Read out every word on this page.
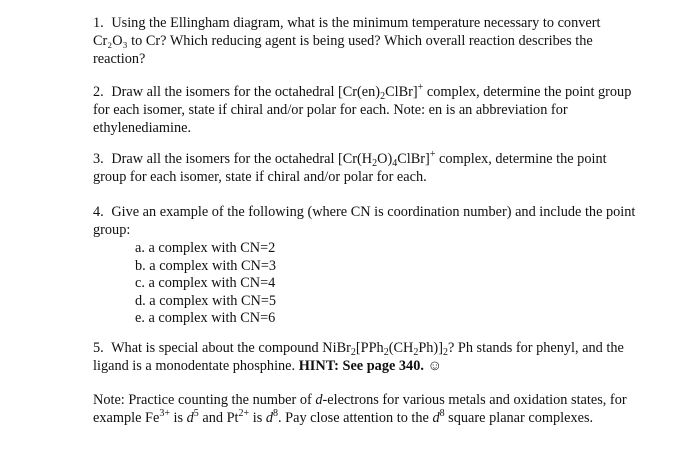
1. Using the Ellingham diagram, what is the minimum temperature necessary to convert Cr₂O₃ to Cr? Which reducing agent is being used? Which overall reaction describes the reaction?

2. Draw all the isomers for the octahedral $[Cr(en)_2ClBr]^+$ complex, determine the point group for each isomer, state if chiral and/or polar for each. Note: en is an abbreviation for ethylenediamine.

3. Draw all the isomers for the octahedral $[Cr(H_2O)_4ClBr]^+$ complex, determine the point group for each isomer, state if chiral and/or polar for each.

4. Give an example of the following (where CN is coordination number) and include the point group:
a. a complex with CN=2
b. a complex with CN=3
c. a complex with CN=4
d. a complex with CN=5
e. a complex with CN=6

5. What is special about the compound $NiBr_2[PPh_2(CH_2Ph)]_2$? Ph stands for phenyl, and the ligand is a monodentate phosphine. HINT: See page 340. ☺

Note: Practice counting the number of d-electrons for various metals and oxidation states, for example $Fe^{3+}$ is $d^5$ and $Pt^{2+}$ is $d^8$. Pay close attention to the $d^8$ square planar complexes.
